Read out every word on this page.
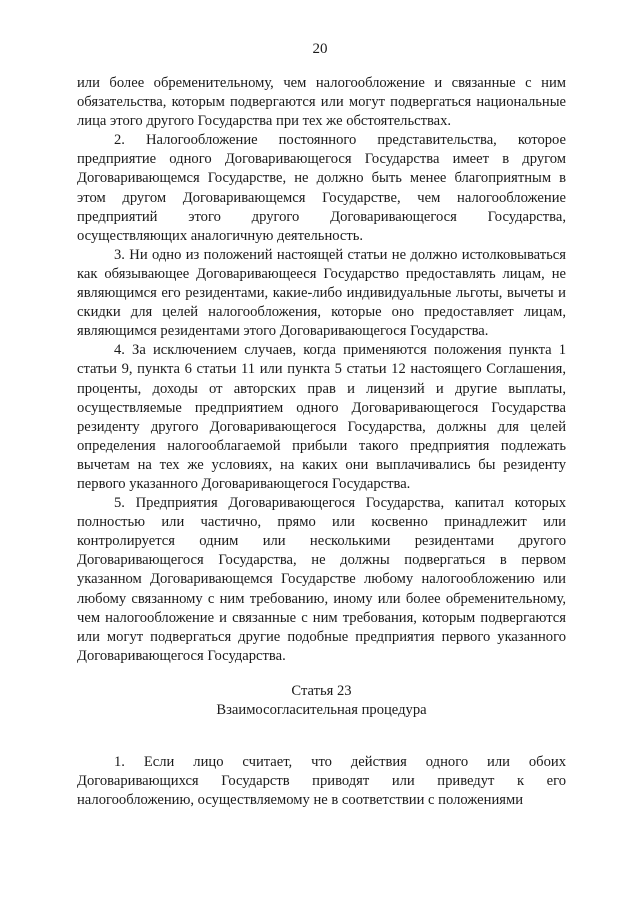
20

или более обременительному, чем налогообложение и связанные с ним обязательства, которым подвергаются или могут подвергаться национальные лица этого другого Государства при тех же обстоятельствах.

2. Налогообложение постоянного представительства, которое предприятие одного Договаривающегося Государства имеет в другом Договаривающемся Государстве, не должно быть менее благоприятным в этом другом Договаривающемся Государстве, чем налогообложение предприятий этого другого Договаривающегося Государства, осуществляющих аналогичную деятельность.

3. Ни одно из положений настоящей статьи не должно истолковываться как обязывающее Договаривающееся Государство предоставлять лицам, не являющимся его резидентами, какие-либо индивидуальные льготы, вычеты и скидки для целей налогообложения, которые оно предоставляет лицам, являющимся резидентами этого Договаривающегося Государства.

4. За исключением случаев, когда применяются положения пункта 1 статьи 9, пункта 6 статьи 11 или пункта 5 статьи 12 настоящего Соглашения, проценты, доходы от авторских прав и лицензий и другие выплаты, осуществляемые предприятием одного Договаривающегося Государства резиденту другого Договаривающегося Государства, должны для целей определения налогооблагаемой прибыли такого предприятия подлежать вычетам на тех же условиях, на каких они выплачивались бы резиденту первого указанного Договаривающегося Государства.

5. Предприятия Договаривающегося Государства, капитал которых полностью или частично, прямо или косвенно принадлежит или контролируется одним или несколькими резидентами другого Договаривающегося Государства, не должны подвергаться в первом указанном Договаривающемся Государстве любому налогообложению или любому связанному с ним требованию, иному или более обременительному, чем налогообложение и связанные с ним требования, которым подвергаются или могут подвергаться другие подобные предприятия первого указанного Договаривающегося Государства.

Статья 23
Взаимосогласительная процедура

1. Если лицо считает, что действия одного или обоих Договаривающихся Государств приводят или приведут к его налогообложению, осуществляемому не в соответствии с положениями
